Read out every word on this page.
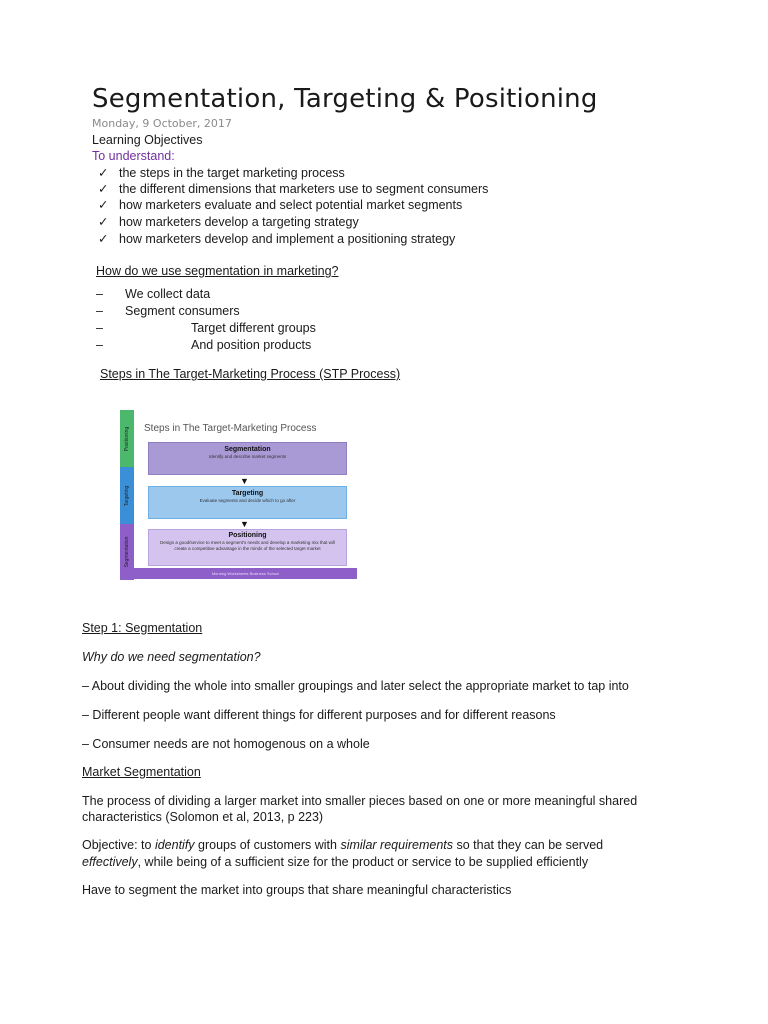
Segmentation, Targeting & Positioning
Monday, 9 October, 2017
Learning Objectives
To understand:
✓ the steps in the target marketing process
✓ the different dimensions that marketers use to segment consumers
✓ how marketers evaluate and select potential market segments
✓ how marketers develop a targeting strategy
✓ how marketers develop and implement a positioning strategy
How do we use segmentation in marketing?
– We collect data
– Segment consumers
–	Target different groups
–	And position products
Steps in The Target-Marketing Process (STP Process)
Positioning
Targeting
Segmentation
Steps in The Target-Marketing Process
Segmentation
Identify and describe market segments
▼
Targeting
Evaluate segments and decide which to go after
▼
Positioning
Design a good/service to meet a segment's needs and develop a marketing mix that will create a competitive advantage in the minds of the selected target market
Morning Worksheets Business School
Step 1: Segmentation
Why do we need segmentation?
– About dividing the whole into smaller groupings and later select the appropriate market to tap into
– Different people want different things for different purposes and for different reasons
– Consumer needs are not homogenous on a whole
Market Segmentation
The process of dividing a larger market into smaller pieces based on one or more meaningful shared
characteristics (Solomon et al, 2013, p 223)
Objective: to identify groups of customers with similar requirements so that they can be served
effectively, while being of a sufficient size for the product or service to be supplied efficiently
Have to segment the market into groups that share meaningful characteristics
